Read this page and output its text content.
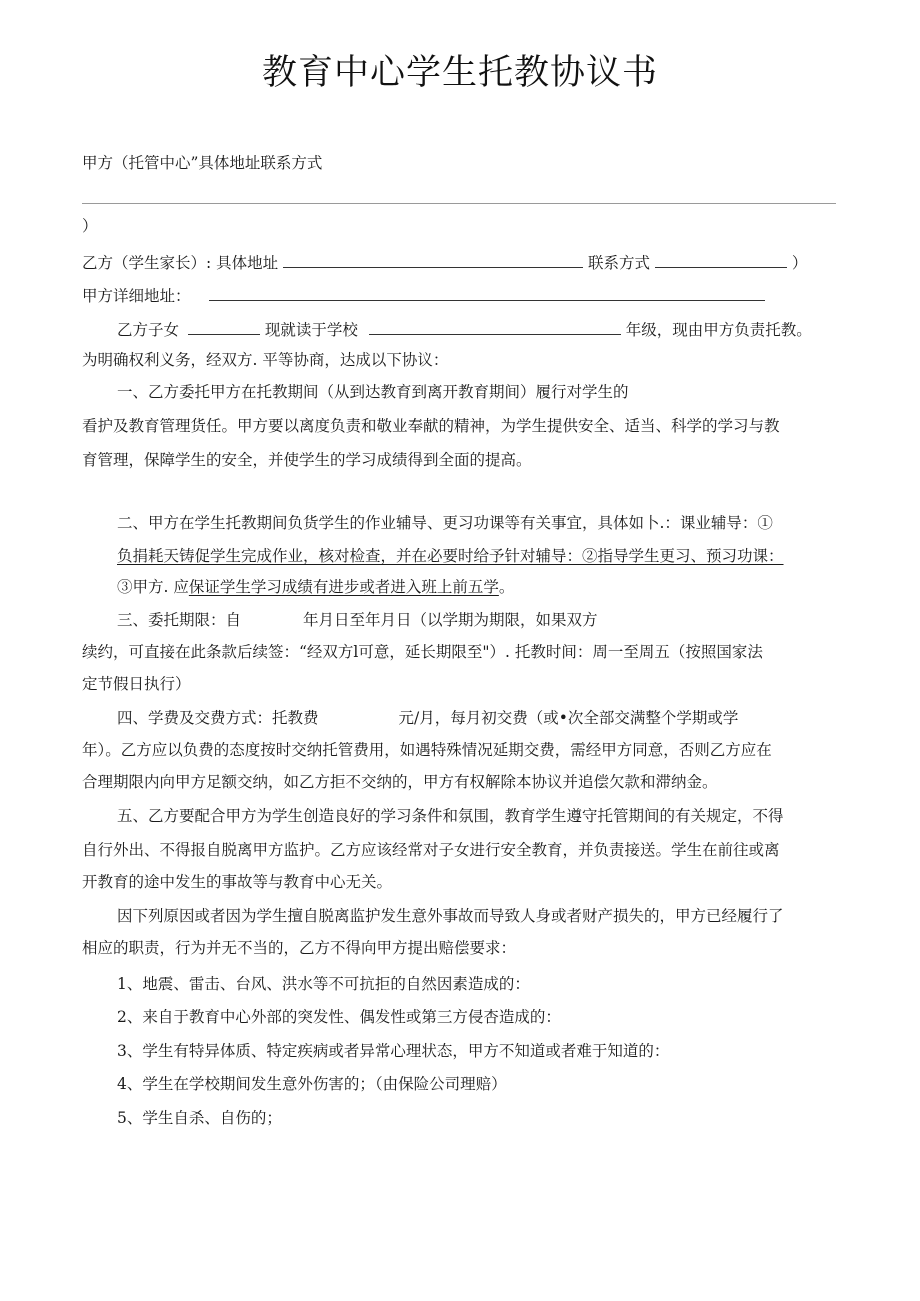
教育中心学生托教协议书
甲方（托管中心”具体地址联系方式
）
乙方（学生家长）: 具体地址	联系方式	）
甲方详细地址：
乙方子女	现就读于学校	年级，现由甲方负责托教。
为明确权利义务，经双方. 平等协商，达成以下协议：
一、乙方委托甲方在托教期间（从到达教育到离开教育期间）履行对学生的
看护及教育管理货任。甲方要以离度负责和敬业奉献的精神，为学生提供安全、适当、科学的学习与教
育管理，保障学生的安全，并使学生的学习成绩得到全面的提高。
二、甲方在学生托教期间负货学生的作业辅导、更习功课等有关事宜，具体如卜.：课业辅导：①
负捐耗天铸促学生完成作业，核对检查，并在必要时给予针对辅导：②指导学生更习、预习功课：
③甲方. 应保证学生学习成绩有进步或者进入班上前五学。
三、委托期限：自	年月日至年月日（以学期为期限，如果双方
续约，可直接在此条款后续签：“经双方l可意，延长期限至"）. 托教时间：周一至周五（按照国家法
定节假日执行）
四、学费及交费方式：托教费	元/月，每月初交费（或•次全部交满整个学期或学
年）。乙方应以负费的态度按时交纳托管费用，如遇特殊情况延期交费，需经甲方同意，否则乙方应在
合理期限内向甲方足额交纳，如乙方拒不交纳的，甲方有权解除本协议并追偿欠款和滞纳金。
五、乙方要配合甲方为学生创造良好的学习条件和氛围，教育学生遵守托管期间的有关规定，不得
自行外出、不得报自脱离甲方监护。乙方应该经常对子女进行安全教育，并负责接送。学生在前往或离
开教育的途中发生的事故等与教育中心无关。
因下列原因或者因为学生擅自脱离监护发生意外事故而导致人身或者财产损失的，甲方已经履行了
相应的职责，行为并无不当的，乙方不得向甲方提出赔偿要求：
1、地震、雷击、台风、洪水等不可抗拒的自然因素造成的：
2、来自于教育中心外部的突发性、偶发性或第三方侵杏造成的：
3、学生有特异体质、特定疾病或者异常心理状态，甲方不知道或者难于知道的：
4、学生在学校期间发生意外伤害的；（由保险公司理赔）
5、学生自杀、自伤的；
